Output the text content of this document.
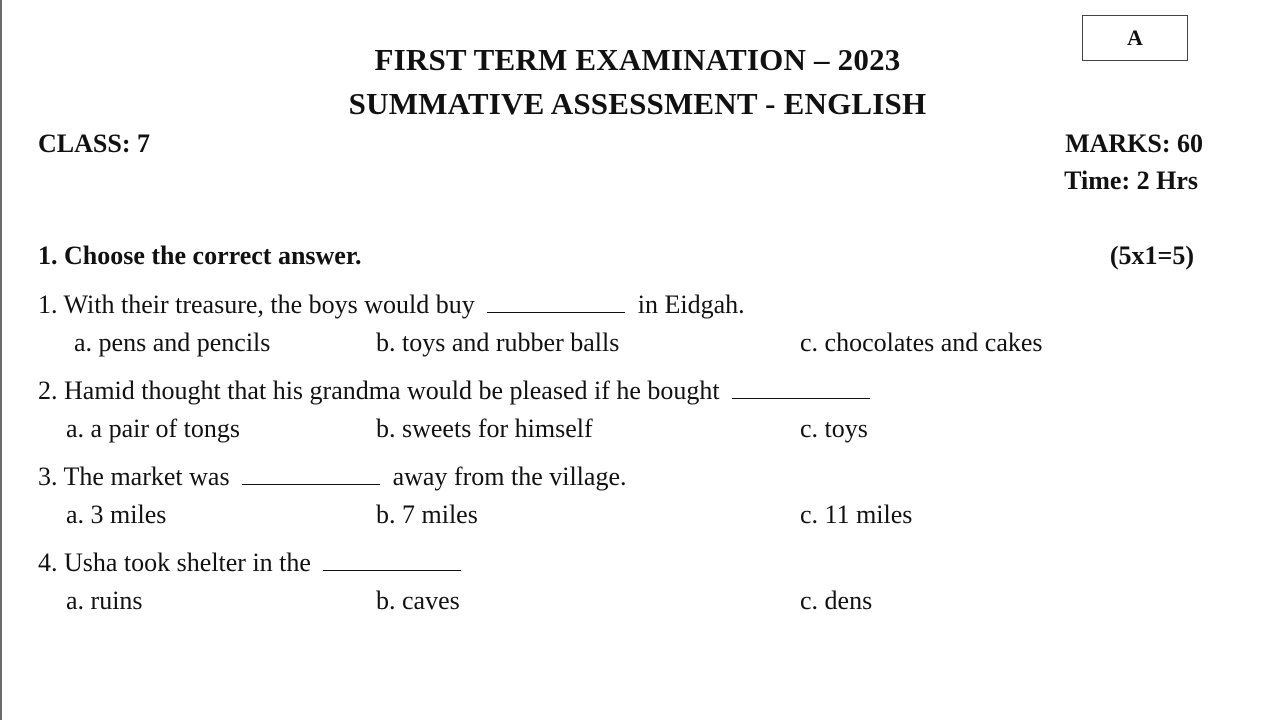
A
FIRST TERM EXAMINATION – 2023
SUMMATIVE ASSESSMENT - ENGLISH
CLASS: 7	MARKS: 60
Time: 2 Hrs
1. Choose the correct answer.	(5x1=5)
1. With their treasure, the boys would buy	in Eidgah.
a. pens and pencils	b. toys and rubber balls	c. chocolates and cakes
2. Hamid thought that his grandma would be pleased if he bought
a. a pair of tongs	b. sweets for himself	c. toys
3. The market was	away from the village.
a. 3 miles	b. 7 miles	c. 11 miles
4. Usha took shelter in the
a. ruins	b. caves	c. dens
